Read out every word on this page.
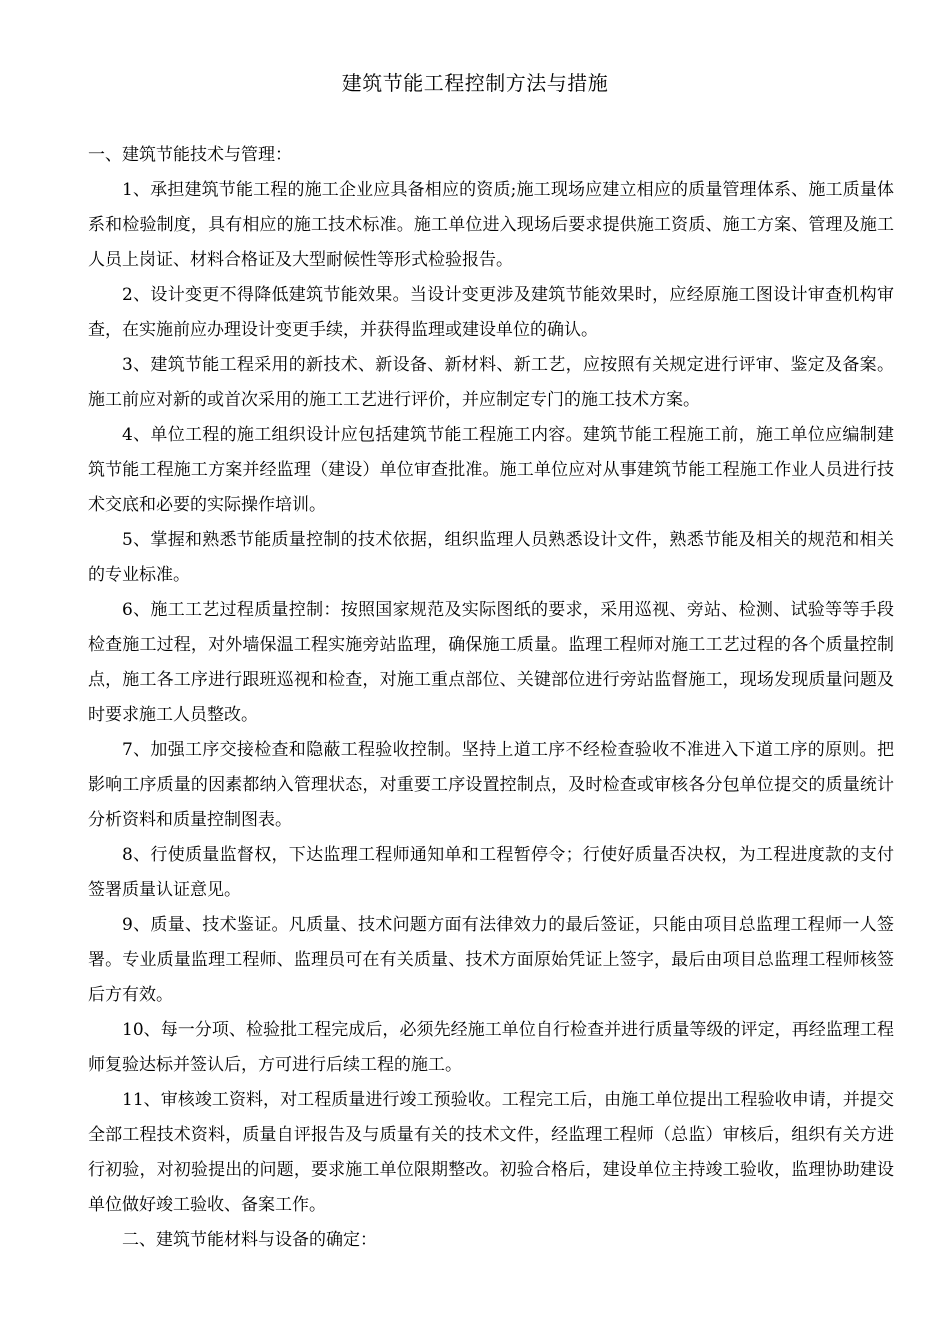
建筑节能工程控制方法与措施

一、建筑节能技术与管理：

1、承担建筑节能工程的施工企业应具备相应的资质;施工现场应建立相应的质量管理体系、施工质量体系和检验制度，具有相应的施工技术标准。施工单位进入现场后要求提供施工资质、施工方案、管理及施工人员上岗证、材料合格证及大型耐候性等形式检验报告。

2、设计变更不得降低建筑节能效果。当设计变更涉及建筑节能效果时，应经原施工图设计审查机构审查，在实施前应办理设计变更手续，并获得监理或建设单位的确认。

3、建筑节能工程采用的新技术、新设备、新材料、新工艺，应按照有关规定进行评审、鉴定及备案。施工前应对新的或首次采用的施工工艺进行评价，并应制定专门的施工技术方案。

4、单位工程的施工组织设计应包括建筑节能工程施工内容。建筑节能工程施工前，施工单位应编制建筑节能工程施工方案并经监理（建设）单位审查批准。施工单位应对从事建筑节能工程施工作业人员进行技术交底和必要的实际操作培训。

5、掌握和熟悉节能质量控制的技术依据，组织监理人员熟悉设计文件，熟悉节能及相关的规范和相关的专业标准。

6、施工工艺过程质量控制：按照国家规范及实际图纸的要求，采用巡视、旁站、检测、试验等等手段检查施工过程，对外墙保温工程实施旁站监理，确保施工质量。监理工程师对施工工艺过程的各个质量控制点，施工各工序进行跟班巡视和检查，对施工重点部位、关键部位进行旁站监督施工，现场发现质量问题及时要求施工人员整改。

7、加强工序交接检查和隐蔽工程验收控制。坚持上道工序不经检查验收不准进入下道工序的原则。把影响工序质量的因素都纳入管理状态，对重要工序设置控制点，及时检查或审核各分包单位提交的质量统计分析资料和质量控制图表。

8、行使质量监督权，下达监理工程师通知单和工程暂停令；行使好质量否决权，为工程进度款的支付签署质量认证意见。

9、质量、技术鉴证。凡质量、技术问题方面有法律效力的最后签证，只能由项目总监理工程师一人签署。专业质量监理工程师、监理员可在有关质量、技术方面原始凭证上签字，最后由项目总监理工程师核签后方有效。

10、每一分项、检验批工程完成后，必须先经施工单位自行检查并进行质量等级的评定，再经监理工程师复验达标并签认后，方可进行后续工程的施工。

11、审核竣工资料，对工程质量进行竣工预验收。工程完工后，由施工单位提出工程验收申请，并提交全部工程技术资料，质量自评报告及与质量有关的技术文件，经监理工程师（总监）审核后，组织有关方进行初验，对初验提出的问题，要求施工单位限期整改。初验合格后，建设单位主持竣工验收，监理协助建设单位做好竣工验收、备案工作。

二、建筑节能材料与设备的确定：
